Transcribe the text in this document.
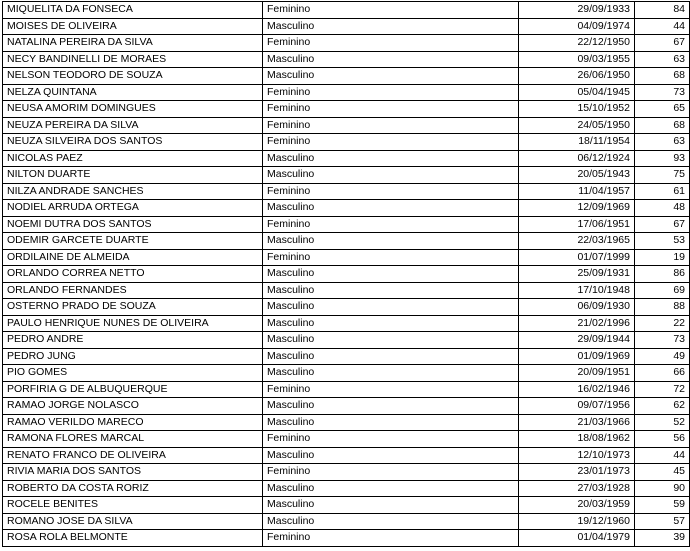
MIQUELITA DA FONSECA	Feminino	29/09/1933	84
MOISES DE OLIVEIRA	Masculino	04/09/1974	44
NATALINA PEREIRA DA SILVA	Feminino	22/12/1950	67
NECY BANDINELLI DE MORAES	Masculino	09/03/1955	63
NELSON TEODORO DE SOUZA	Masculino	26/06/1950	68
NELZA QUINTANA	Feminino	05/04/1945	73
NEUSA AMORIM DOMINGUES	Feminino	15/10/1952	65
NEUZA PEREIRA DA SILVA	Feminino	24/05/1950	68
NEUZA SILVEIRA DOS SANTOS	Feminino	18/11/1954	63
NICOLAS PAEZ	Masculino	06/12/1924	93
NILTON DUARTE	Masculino	20/05/1943	75
NILZA ANDRADE SANCHES	Feminino	11/04/1957	61
NODIEL ARRUDA ORTEGA	Masculino	12/09/1969	48
NOEMI DUTRA DOS SANTOS	Feminino	17/06/1951	67
ODEMIR GARCETE DUARTE	Masculino	22/03/1965	53
ORDILAINE DE ALMEIDA	Feminino	01/07/1999	19
ORLANDO CORREA NETTO	Masculino	25/09/1931	86
ORLANDO FERNANDES	Masculino	17/10/1948	69
OSTERNO PRADO DE SOUZA	Masculino	06/09/1930	88
PAULO HENRIQUE NUNES DE OLIVEIRA	Masculino	21/02/1996	22
PEDRO ANDRE	Masculino	29/09/1944	73
PEDRO JUNG	Masculino	01/09/1969	49
PIO GOMES	Masculino	20/09/1951	66
PORFIRIA G DE ALBUQUERQUE	Feminino	16/02/1946	72
RAMAO JORGE NOLASCO	Masculino	09/07/1956	62
RAMAO VERILDO MARECO	Masculino	21/03/1966	52
RAMONA FLORES MARCAL	Feminino	18/08/1962	56
RENATO FRANCO DE OLIVEIRA	Masculino	12/10/1973	44
RIVIA MARIA DOS SANTOS	Feminino	23/01/1973	45
ROBERTO DA COSTA RORIZ	Masculino	27/03/1928	90
ROCELE BENITES	Masculino	20/03/1959	59
ROMANO JOSE DA SILVA	Masculino	19/12/1960	57
ROSA ROLA BELMONTE	Feminino	01/04/1979	39
